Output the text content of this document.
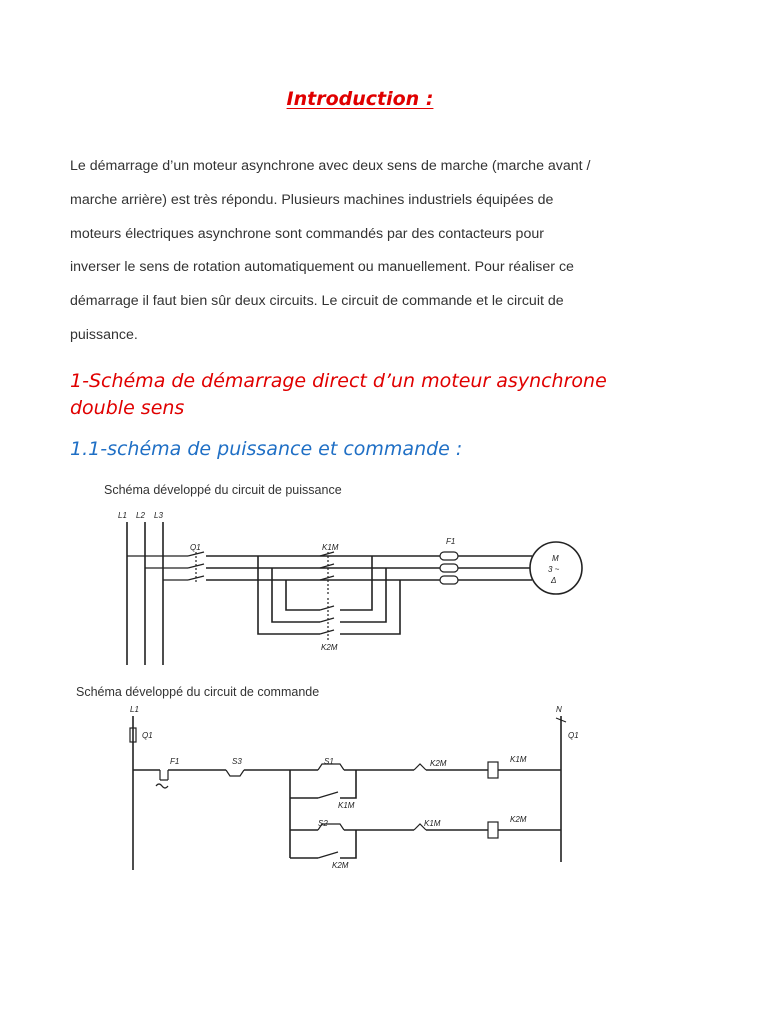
Introduction :
Le démarrage d’un moteur asynchrone avec deux sens de marche (marche avant /
marche arrière) est très répondu. Plusieurs machines industriels équipées de
moteurs électriques asynchrone sont commandés par des contacteurs pour
inverser le sens de rotation automatiquement ou manuellement. Pour réaliser ce
démarrage il faut bien sûr deux circuits. Le circuit de commande et le circuit de
puissance.
1-Schéma de démarrage direct d’un moteur asynchrone
double sens
1.1-schéma de puissance et commande :
Schéma développé du circuit de puissance
L1 L2 L3
Q1	K1M
K2M
F1
M
3 ~
Δ
Schéma développé du circuit de commande
L1
Q1
N
Q1
F1	S3	S1
K1M
K2M	K1M
S2
K2M
K1M	K2M
